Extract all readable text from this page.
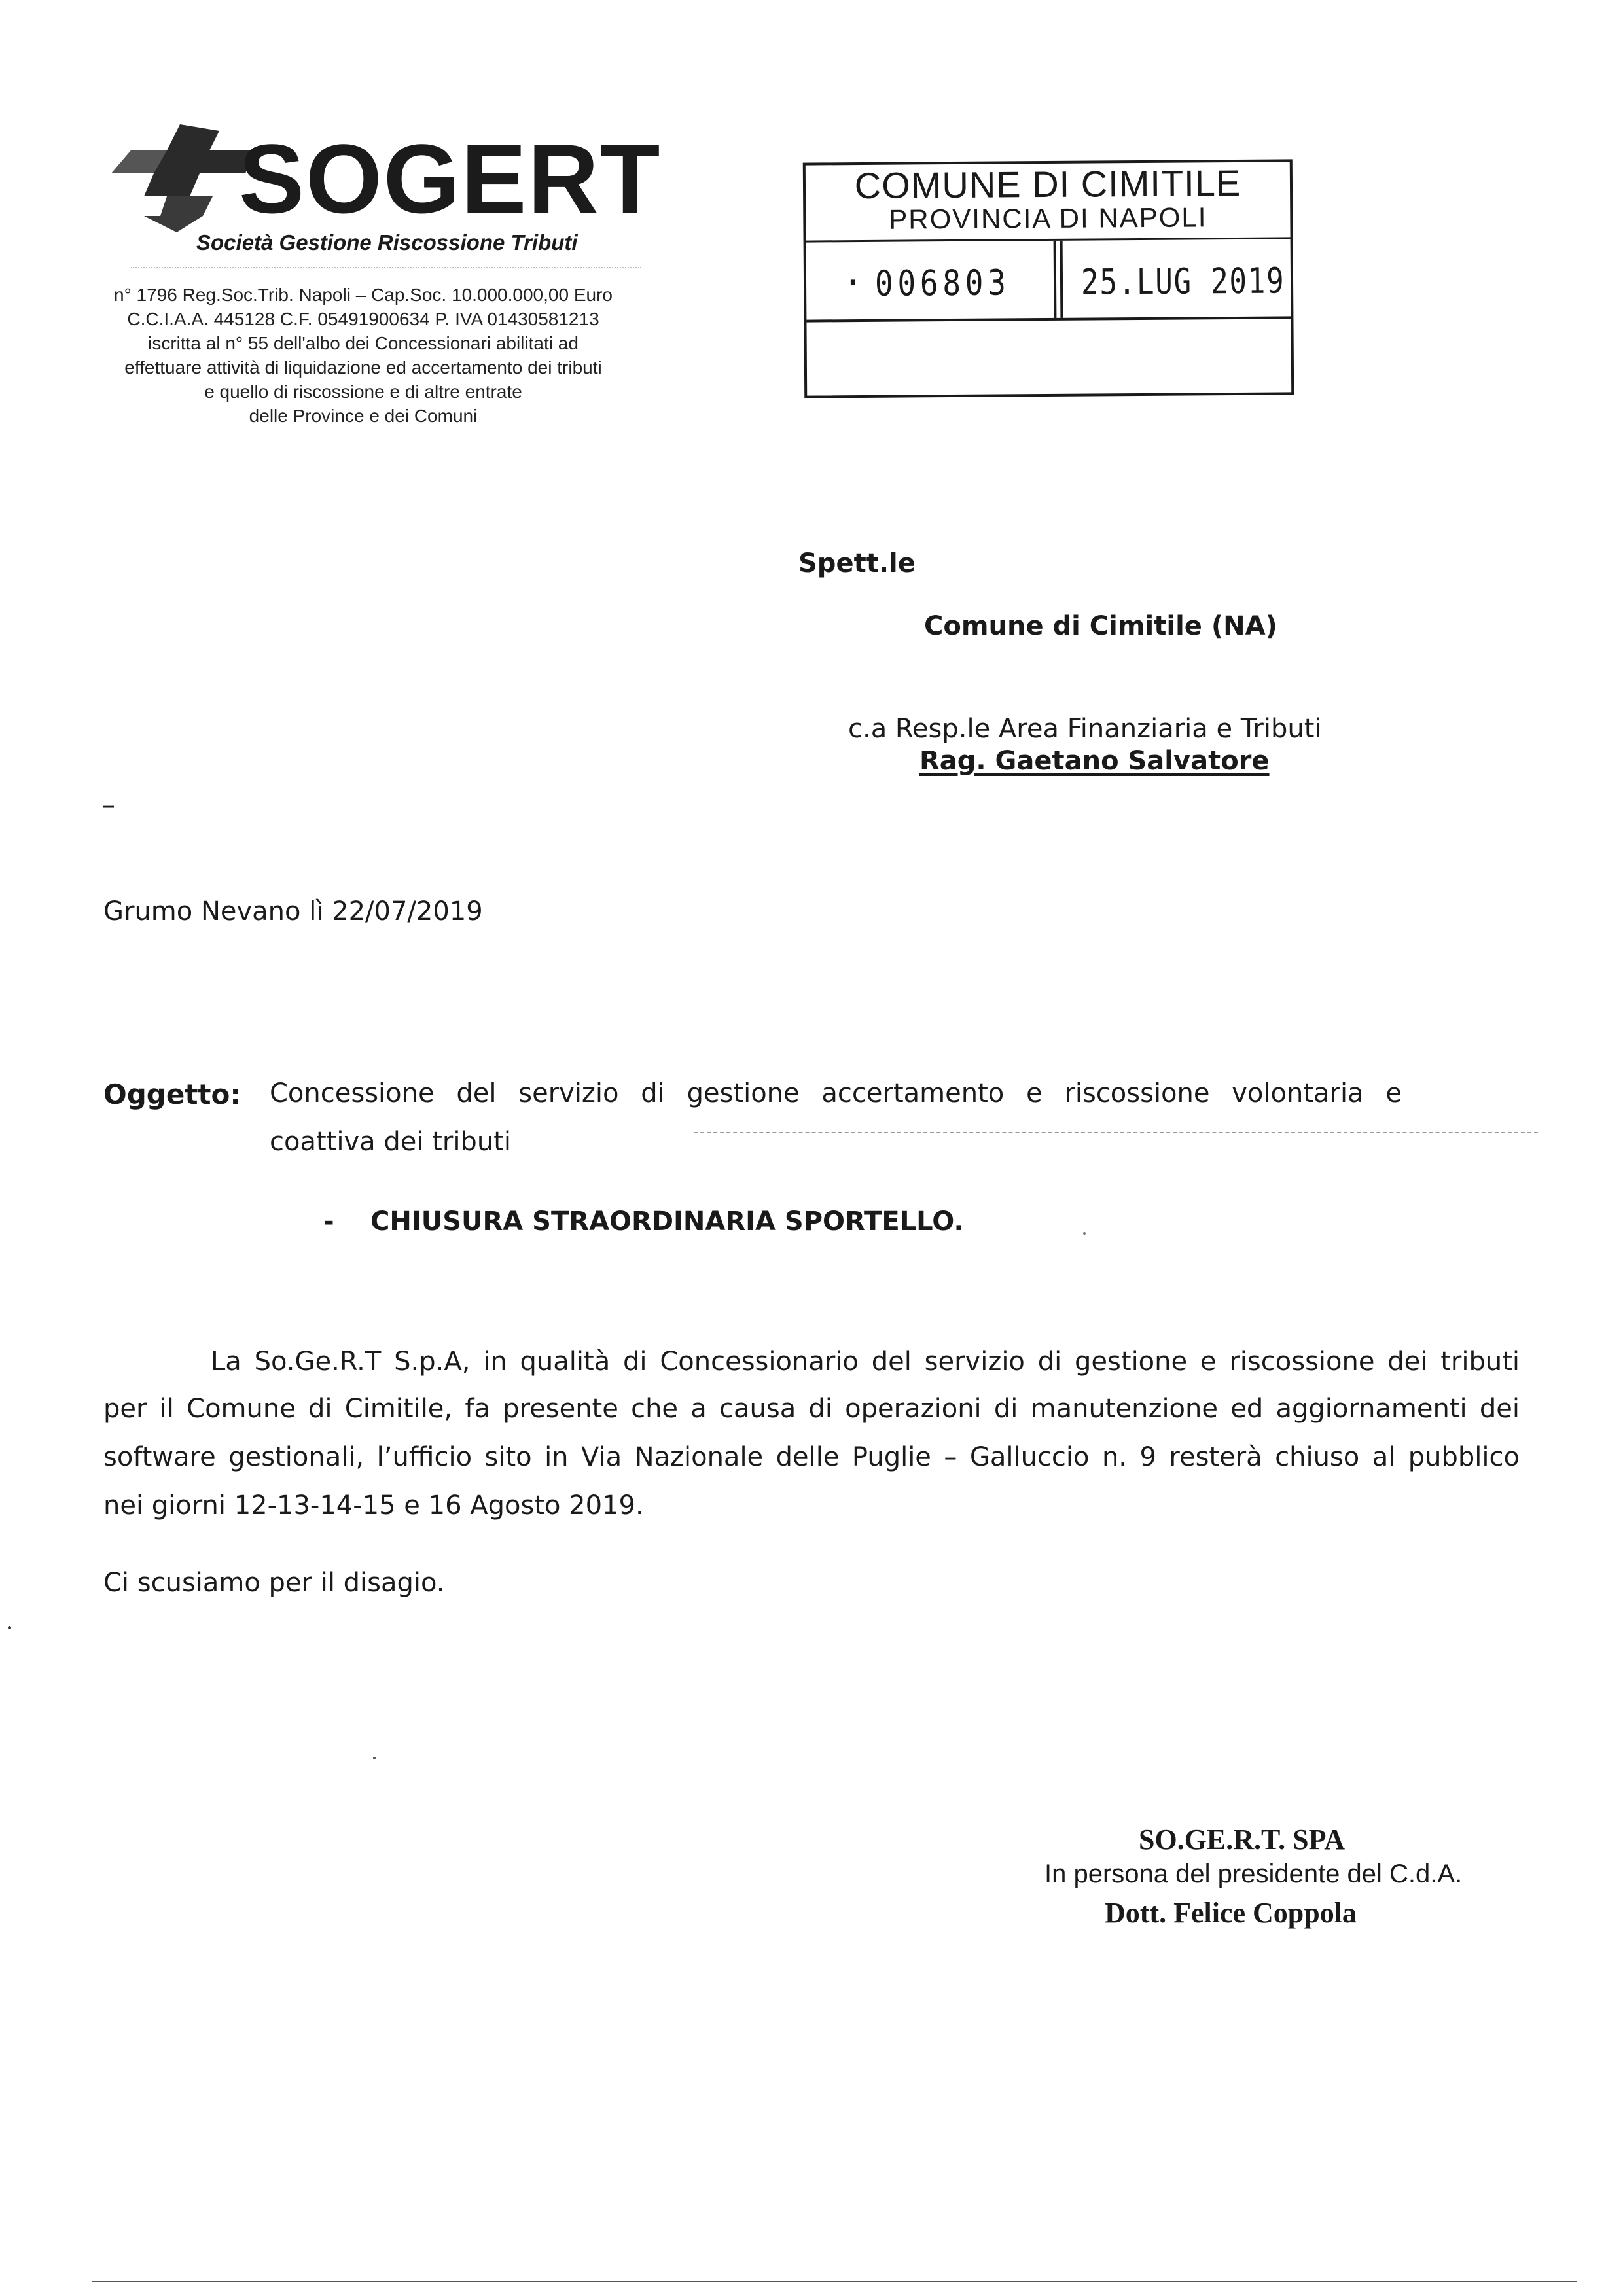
SOGERT
Società Gestione Riscossione Tributi
n° 1796 Reg.Soc.Trib. Napoli – Cap.Soc. 10.000.000,00 Euro
C.C.I.A.A. 445128 C.F. 05491900634 P. IVA 01430581213
iscritta al n° 55 dell'albo dei Concessionari abilitati ad
effettuare attività di liquidazione ed accertamento dei tributi
e quello di riscossione e di altre entrate
delle Province e dei Comuni
COMUNE DI CIMITILE
PROVINCIA DI NAPOLI
· 006803 25.LUG 2019
Spett.le
Comune di Cimitile (NA)
c.a Resp.le Area Finanziaria e Tributi
Rag. Gaetano Salvatore
–
Grumo Nevano lì 22/07/2019
Oggetto: Concessione del servizio di gestione accertamento e riscossione volontaria e
coattiva dei tributi
- CHIUSURA STRAORDINARIA SPORTELLO.
La So.Ge.R.T S.p.A, in qualità di Concessionario del servizio di gestione e riscossione dei tributi
per il Comune di Cimitile, fa presente che a causa di operazioni di manutenzione ed aggiornamenti dei
software gestionali, l’ufficio sito in Via Nazionale delle Puglie – Galluccio n. 9 resterà chiuso al pubblico
nei giorni 12-13-14-15 e 16 Agosto 2019.
Ci scusiamo per il disagio.
SO.GE.R.T. SPA
In persona del presidente del C.d.A.
Dott. Felice Coppola
